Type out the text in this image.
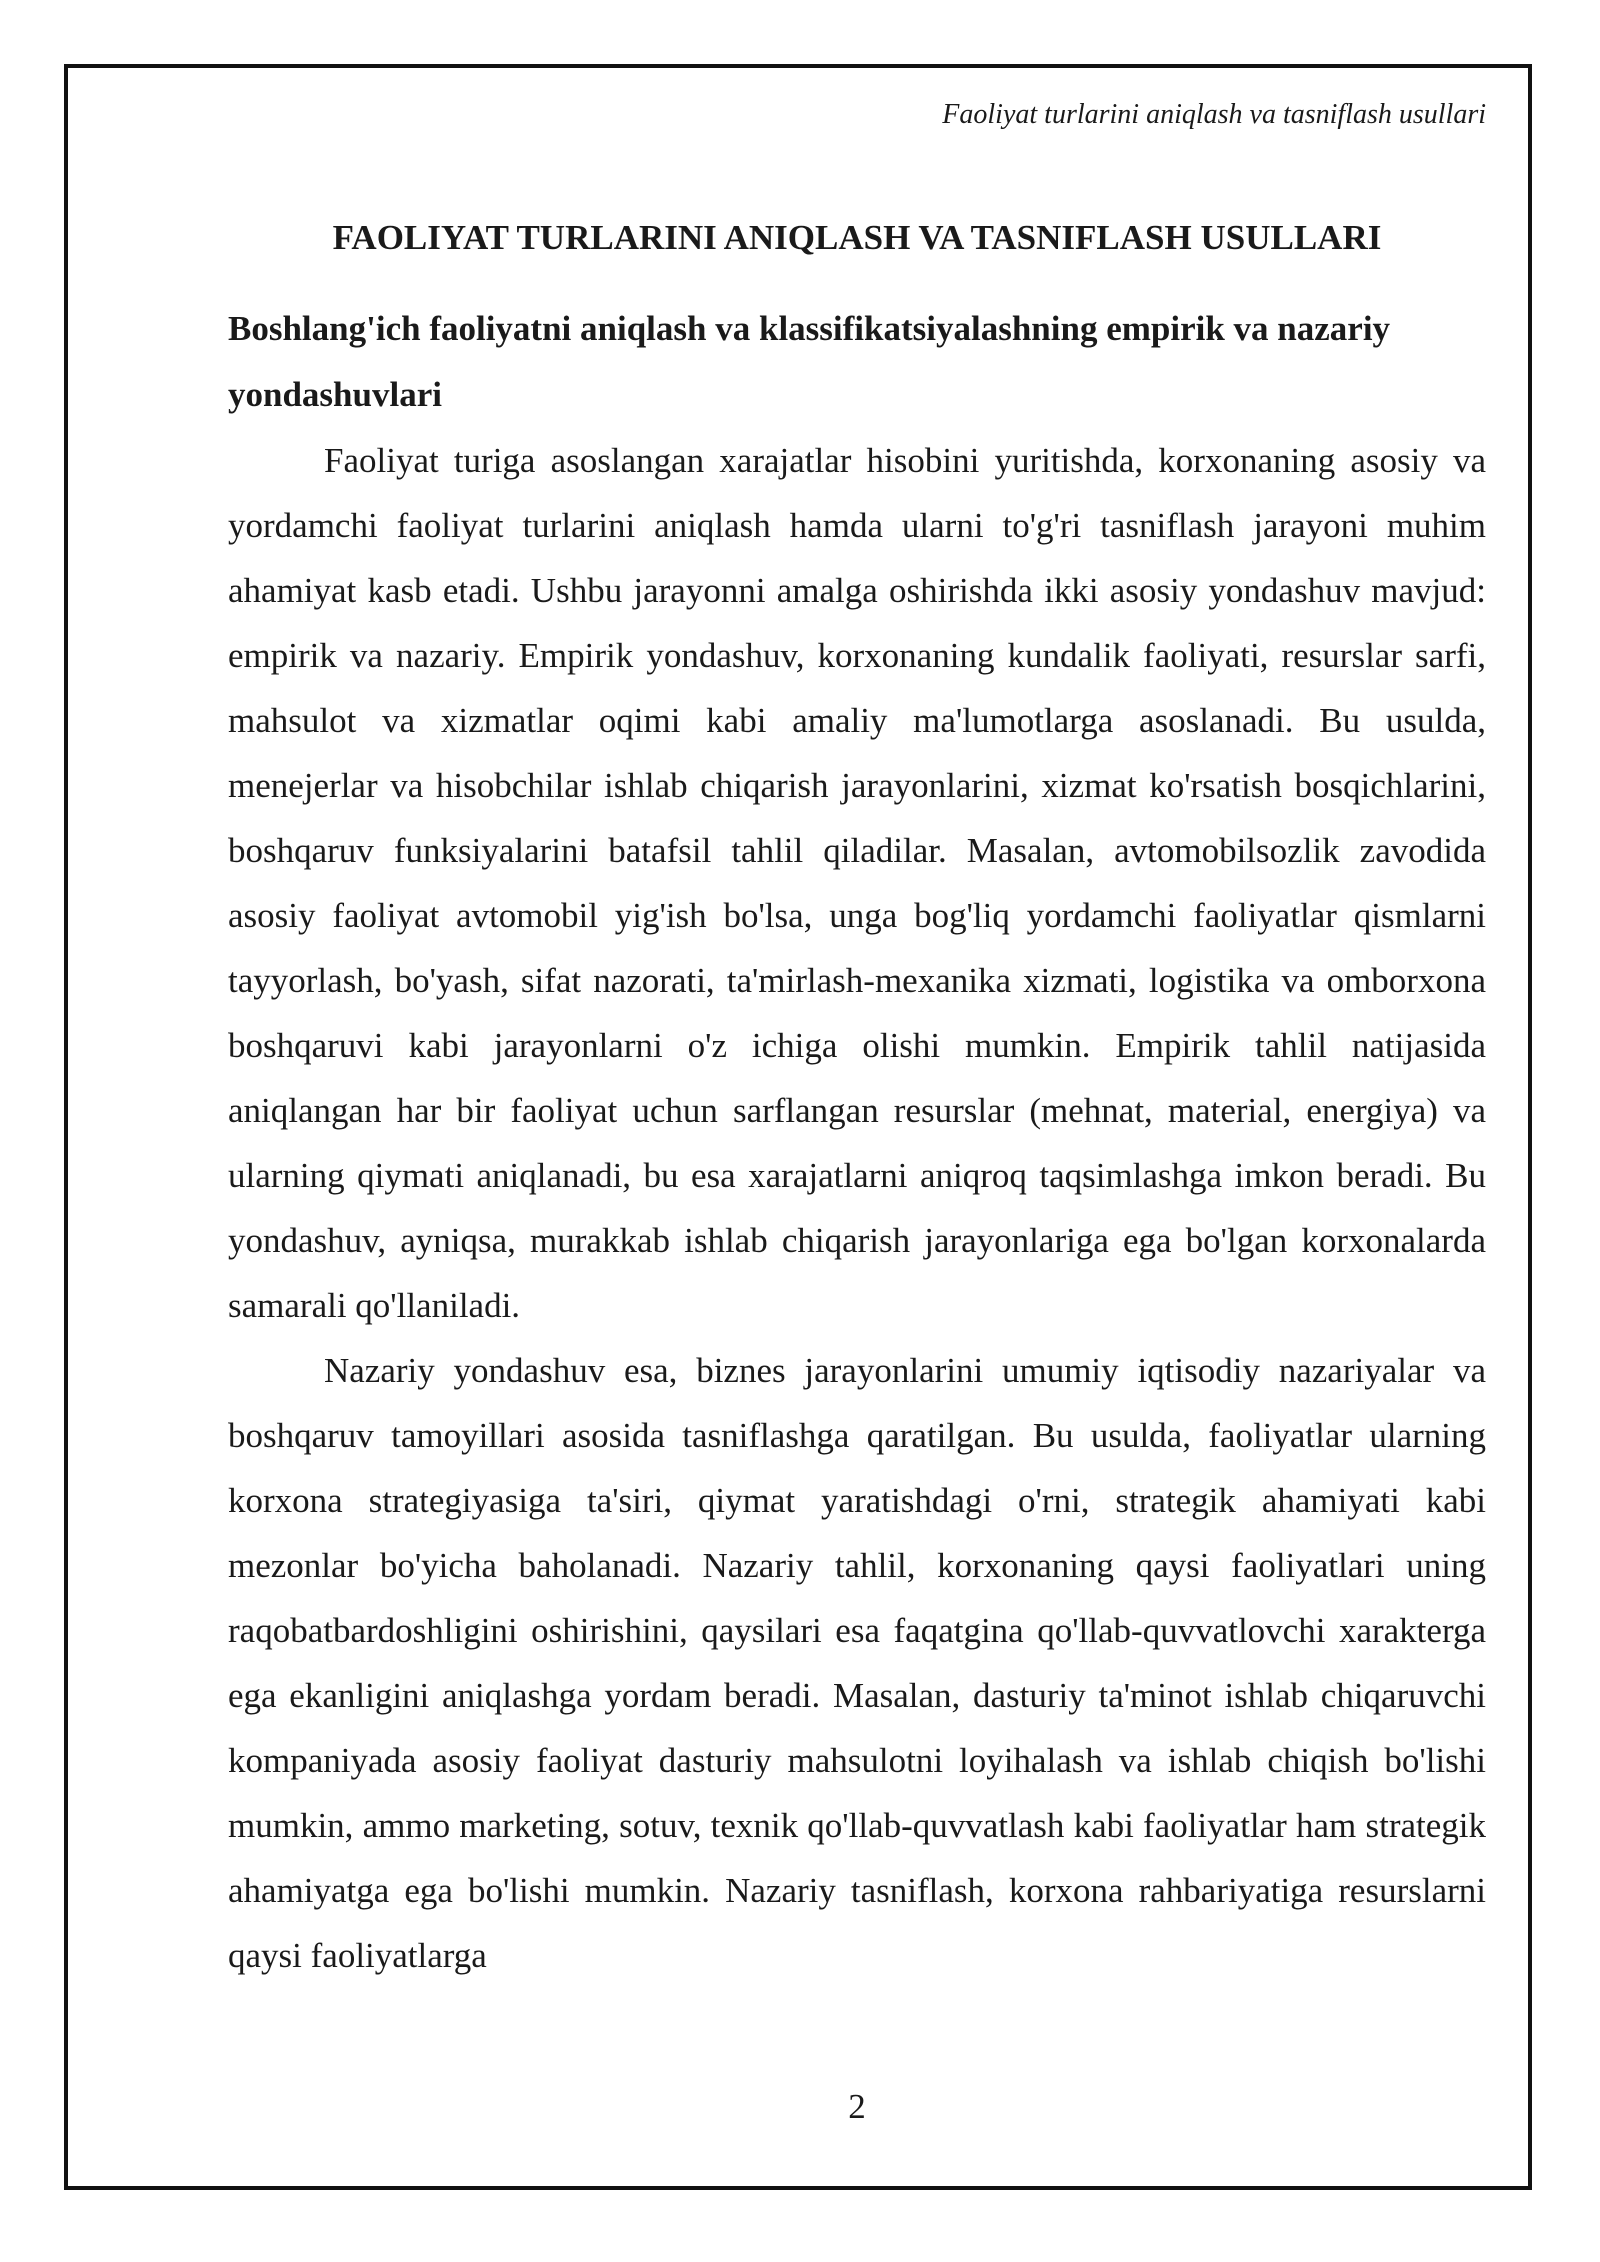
Faoliyat turlarini aniqlash va tasniflash usullari
FAOLIYAT TURLARINI ANIQLASH VA TASNIFLASH USULLARI
Boshlang'ich faoliyatni aniqlash va klassifikatsiyalashning empirik va nazariy yondashuvlari

Faoliyat turiga asoslangan xarajatlar hisobini yuritishda, korxonaning asosiy va yordamchi faoliyat turlarini aniqlash hamda ularni to'g'ri tasniflash jarayoni muhim ahamiyat kasb etadi. Ushbu jarayonni amalga oshirishda ikki asosiy yondashuv mavjud: empirik va nazariy. Empirik yondashuv, korxonaning kundalik faoliyati, resurslar sarfi, mahsulot va xizmatlar oqimi kabi amaliy ma'lumotlarga asoslanadi. Bu usulda, menejerlar va hisobchilar ishlab chiqarish jarayonlarini, xizmat ko'rsatish bosqichlarini, boshqaruv funksiyalarini batafsil tahlil qiladilar. Masalan, avtomobilsozlik zavodida asosiy faoliyat avtomobil yig'ish bo'lsa, unga bog'liq yordamchi faoliyatlar qismlarni tayyorlash, bo'yash, sifat nazorati, ta'mirlash-mexanika xizmati, logistika va omborxona boshqaruvi kabi jarayonlarni o'z ichiga olishi mumkin. Empirik tahlil natijasida aniqlangan har bir faoliyat uchun sarflangan resurslar (mehnat, material, energiya) va ularning qiymati aniqlanadi, bu esa xarajatlarni aniqroq taqsimlashga imkon beradi. Bu yondashuv, ayniqsa, murakkab ishlab chiqarish jarayonlariga ega bo'lgan korxonalarda samarali qo'llaniladi.

Nazariy yondashuv esa, biznes jarayonlarini umumiy iqtisodiy nazariyalar va boshqaruv tamoyillari asosida tasniflashga qaratilgan. Bu usulda, faoliyatlar ularning korxona strategiyasiga ta'siri, qiymat yaratishdagi o'rni, strategik ahamiyati kabi mezonlar bo'yicha baholanadi. Nazariy tahlil, korxonaning qaysi faoliyatlari uning raqobatbardoshligini oshirishini, qaysilari esa faqatgina qo'llab-quvvatlovchi xarakterga ega ekanligini aniqlashga yordam beradi. Masalan, dasturiy ta'minot ishlab chiqaruvchi kompaniyada asosiy faoliyat dasturiy mahsulotni loyihalash va ishlab chiqish bo'lishi mumkin, ammo marketing, sotuv, texnik qo'llab-quvvatlash kabi faoliyatlar ham strategik ahamiyatga ega bo'lishi mumkin. Nazariy tasniflash, korxona rahbariyatiga resurslarni qaysi faoliyatlarga

2
